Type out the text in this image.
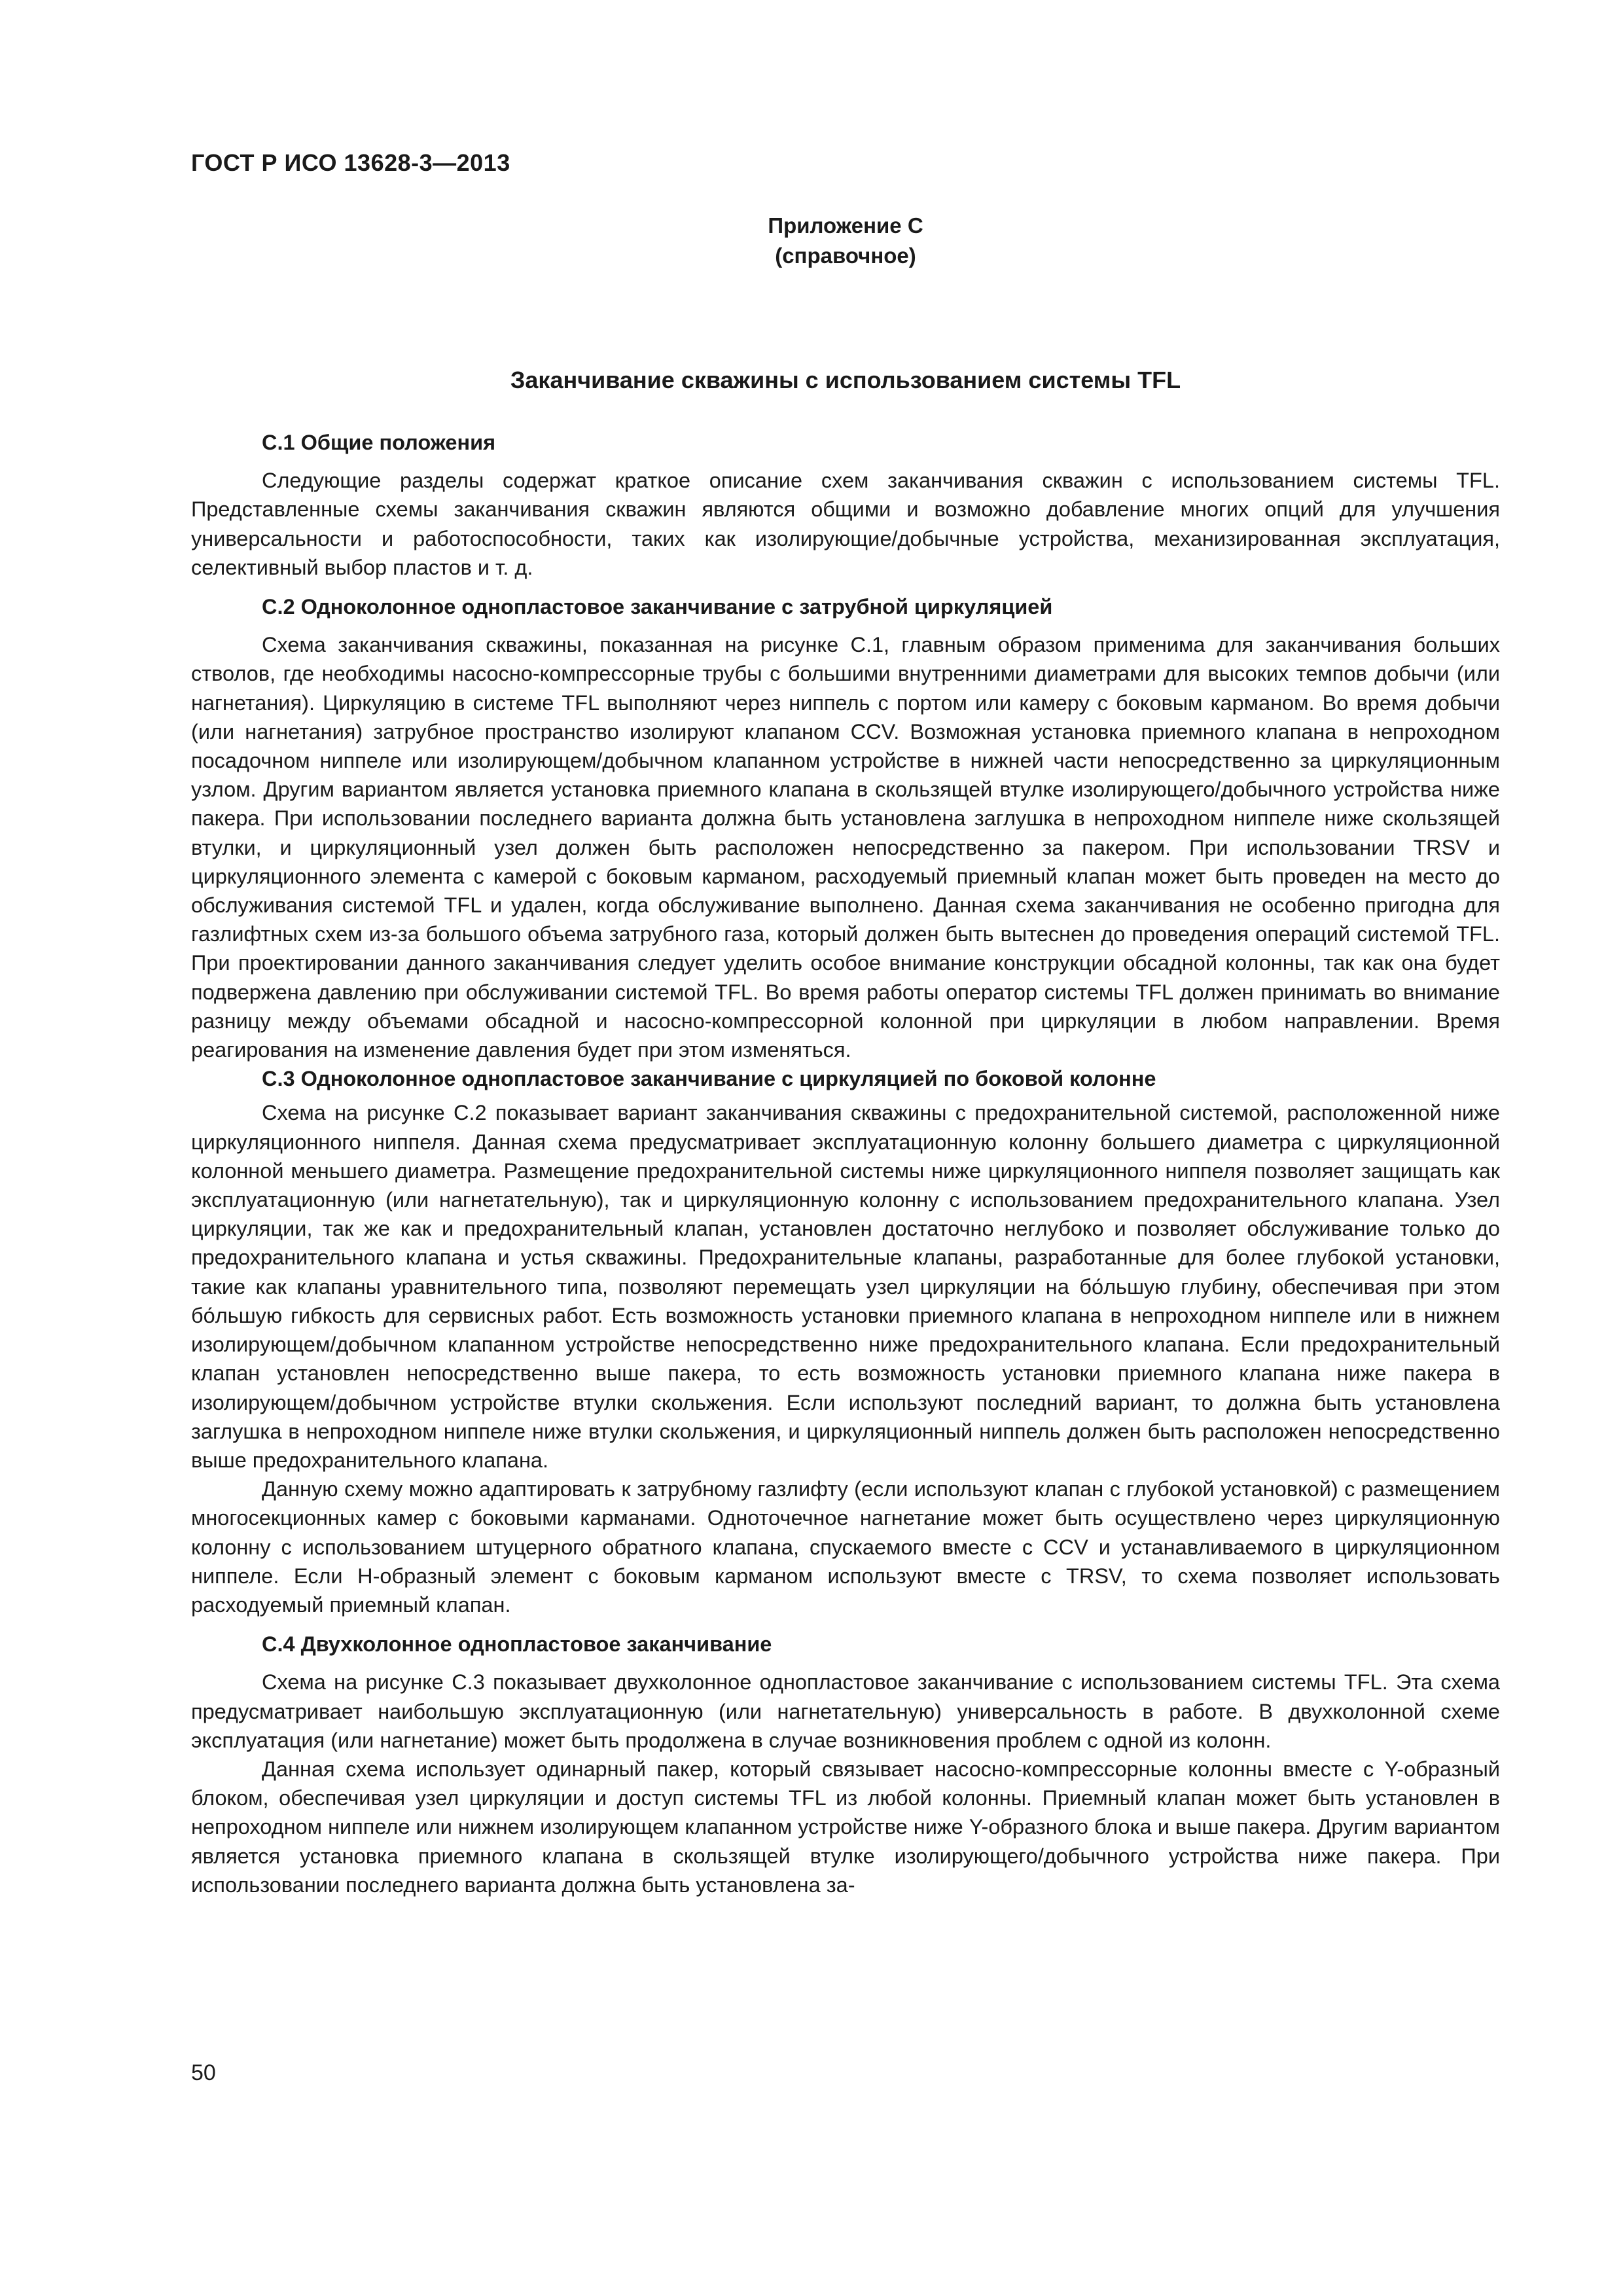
ГОСТ Р ИСО 13628-3—2013
Приложение С
(справочное)
Заканчивание скважины с использованием системы TFL
С.1 Общие положения

Следующие разделы содержат краткое описание схем заканчивания скважин с использованием системы TFL. Представленные схемы заканчивания скважин являются общими и возможно добавление многих опций для улучшения универсальности и работоспособности, таких как изолирующие/добычные устройства, механизированная эксплуатация, селективный выбор пластов и т. д.

С.2 Одноколонное однопластовое заканчивание с затрубной циркуляцией

Схема заканчивания скважины, показанная на рисунке С.1, главным образом применима для заканчивания больших стволов, где необходимы насосно-компрессорные трубы с большими внутренними диаметрами для высоких темпов добычи (или нагнетания). Циркуляцию в системе TFL выполняют через ниппель с портом или камеру с боковым карманом. Во время добычи (или нагнетания) затрубное пространство изолируют клапаном CCV. Возможная установка приемного клапана в непроходном посадочном ниппеле или изолирующем/добычном клапанном устройстве в нижней части непосредственно за циркуляционным узлом. Другим вариантом является установка приемного клапана в скользящей втулке изолирующего/добычного устройства ниже пакера. При использовании последнего варианта должна быть установлена заглушка в непроходном ниппеле ниже скользящей втулки, и циркуляционный узел должен быть расположен непосредственно за пакером. При использовании TRSV и циркуляционного элемента с камерой с боковым карманом, расходуемый приемный клапан может быть проведен на место до обслуживания системой TFL и удален, когда обслуживание выполнено. Данная схема заканчивания не особенно пригодна для газлифтных схем из-за большого объема затрубного газа, который должен быть вытеснен до проведения операций системой TFL. При проектировании данного заканчивания следует уделить особое внимание конструкции обсадной колонны, так как она будет подвержена давлению при обслуживании системой TFL. Во время работы оператор системы TFL должен принимать во внимание разницу между объемами обсадной и насосно-компрессорной колонной при циркуляции в любом направлении. Время реагирования на изменение давления будет при этом изменяться.

С.3 Одноколонное однопластовое заканчивание с циркуляцией по боковой колонне

Схема на рисунке С.2 показывает вариант заканчивания скважины с предохранительной системой, расположенной ниже циркуляционного ниппеля. Данная схема предусматривает эксплуатационную колонну большего диаметра с циркуляционной колонной меньшего диаметра. Размещение предохранительной системы ниже циркуляционного ниппеля позволяет защищать как эксплуатационную (или нагнетательную), так и циркуляционную колонну с использованием предохранительного клапана. Узел циркуляции, так же как и предохранительный клапан, установлен достаточно неглубоко и позволяет обслуживание только до предохранительного клапана и устья скважины. Предохранительные клапаны, разработанные для более глубокой установки, такие как клапаны уравнительного типа, позволяют перемещать узел циркуляции на бо́льшую глубину, обеспечивая при этом бо́льшую гибкость для сервисных работ. Есть возможность установки приемного клапана в непроходном ниппеле или в нижнем изолирующем/добычном клапанном устройстве непосредственно ниже предохранительного клапана. Если предохранительный клапан установлен непосредственно выше пакера, то есть возможность установки приемного клапана ниже пакера в изолирующем/добычном устройстве втулки скольжения. Если используют последний вариант, то должна быть установлена заглушка в непроходном ниппеле ниже втулки скольжения, и циркуляционный ниппель должен быть расположен непосредственно выше предохранительного клапана.

Данную схему можно адаптировать к затрубному газлифту (если используют клапан с глубокой установкой) с размещением многосекционных камер с боковыми карманами. Одноточечное нагнетание может быть осуществлено через циркуляционную колонну с использованием штуцерного обратного клапана, спускаемого вместе с CCV и устанавливаемого в циркуляционном ниппеле. Если H-образный элемент с боковым карманом используют вместе с TRSV, то схема позволяет использовать расходуемый приемный клапан.

С.4 Двухколонное однопластовое заканчивание

Схема на рисунке С.3 показывает двухколонное однопластовое заканчивание с использованием системы TFL. Эта схема предусматривает наибольшую эксплуатационную (или нагнетательную) универсальность в работе. В двухколонной схеме эксплуатация (или нагнетание) может быть продолжена в случае возникновения проблем с одной из колонн.

Данная схема использует одинарный пакер, который связывает насосно-компрессорные колонны вместе с Y-образный блоком, обеспечивая узел циркуляции и доступ системы TFL из любой колонны. Приемный клапан может быть установлен в непроходном ниппеле или нижнем изолирующем клапанном устройстве ниже Y-образного блока и выше пакера. Другим вариантом является установка приемного клапана в скользящей втулке изолирующего/добычного устройства ниже пакера. При использовании последнего варианта должна быть установлена за-

50
